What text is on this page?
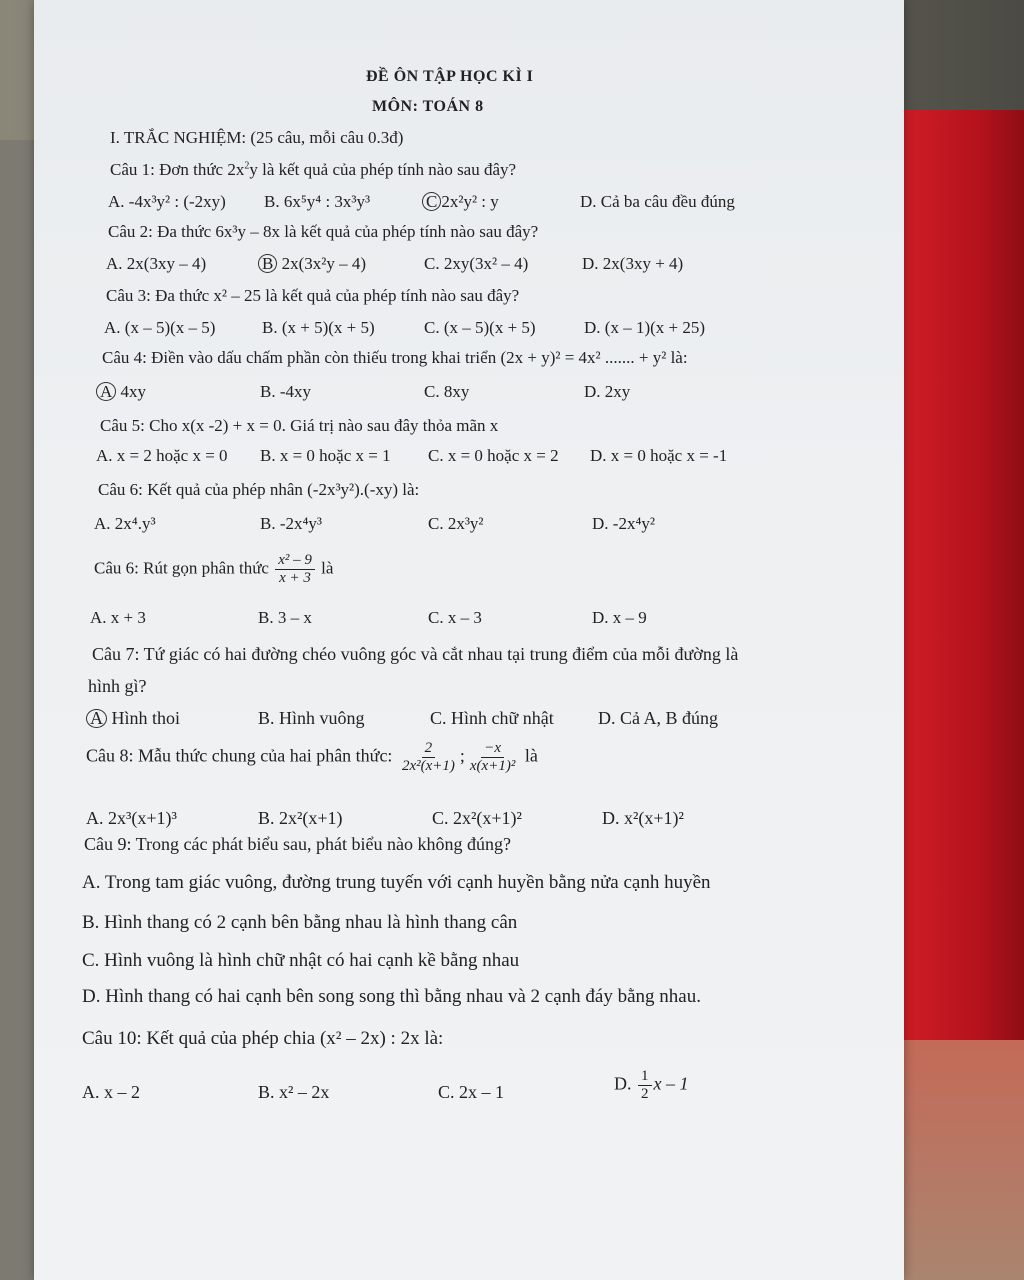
ĐỀ ÔN TẬP HỌC KÌ I
MÔN: TOÁN 8
I. TRẮC NGHIỆM: (25 câu, mỗi câu 0.3đ)
Câu 1: Đơn thức $2x^2y$ là kết quả của phép tính nào sau đây?
A. -4x³y² : (-2xy) B. 6x⁵y⁴ : 3x³y³	C 2x²y² : y	D. Cả ba câu đều đúng
Câu 2: Đa thức 6x³y – 8x là kết quả của phép tính nào sau đây?
A. 2x(3xy – 4)	B 2x(3x²y – 4)	C. 2xy(3x² – 4)	D. 2x(3xy + 4)
Câu 3: Đa thức x² – 25 là kết quả của phép tính nào sau đây?
A. (x – 5)(x – 5)	B. (x + 5)(x + 5)	C. (x – 5)(x + 5)	D. (x – 1)(x + 25)
Câu 4: Điền vào dấu chấm phần còn thiếu trong khai triển (2x + y)² = 4x² ....... + y² là:
A 4xy	B. -4xy	C. 8xy	D. 2xy
Câu 5: Cho x(x -2) + x = 0. Giá trị nào sau đây thỏa mãn x
A. x = 2 hoặc x = 0 B. x = 0 hoặc x = 1 C. x = 0 hoặc x = 2 D. x = 0 hoặc x = -1
Câu 6: Kết quả của phép nhân (-2x³y²).(-xy) là:
A. 2x⁴.y³	B. -2x⁴y³	C. 2x³y²	D. -2x⁴y²
Câu 6: Rút gọn phân thức $\frac{\text{x² – 9}}{x + 3}$ là
A. x + 3	B. 3 – x	C. x – 3	D. x – 9
Câu 7: Tứ giác có hai đường chéo vuông góc và cắt nhau tại trung điểm của mỗi đường là
hình gì?
A Hình thoi	B. Hình vuông	C. Hình chữ nhật D. Cả A, B đúng
Câu 8: Mẫu thức chung của hai phân thức: $\frac{2}{\text{2x²(x+1)}}$ ; $\frac{-x}{\text{x(x+1)²}}$ là
A. 2x³(x+1)³	B. 2x²(x+1)	C. 2x²(x+1)²	D. x²(x+1)²
Câu 9: Trong các phát biểu sau, phát biểu nào không đúng?
A. Trong tam giác vuông, đường trung tuyến với cạnh huyền bằng nửa cạnh huyền
B. Hình thang có 2 cạnh bên bằng nhau là hình thang cân
C. Hình vuông là hình chữ nhật có hai cạnh kề bằng nhau
D. Hình thang có hai cạnh bên song song thì bằng nhau và 2 cạnh đáy bằng nhau.
Câu 10: Kết quả của phép chia (x² – 2x) : 2x là:
A. x – 2	B. x² – 2x	C. 2x – 1	D. $\frac{1}{2}$ x – 1
